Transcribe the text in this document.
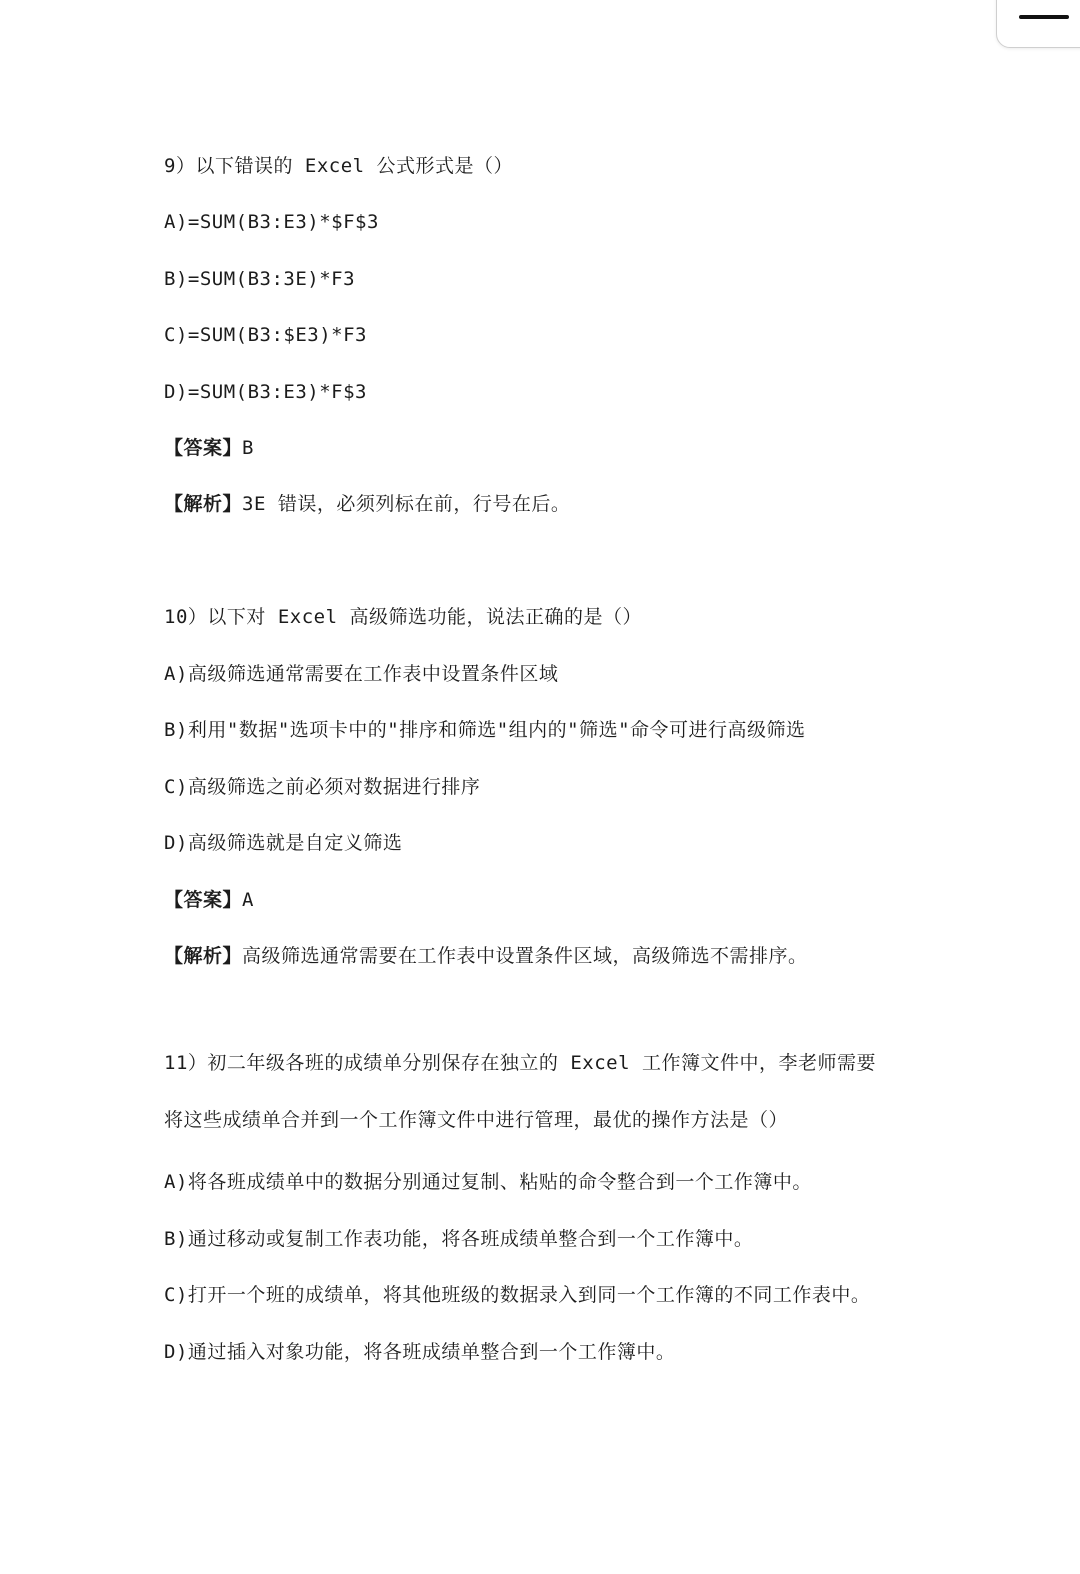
9）以下错误的 Excel 公式形式是（）
A)=SUM(B3:E3)*$F$3
B)=SUM(B3:3E)*F3
C)=SUM(B3:$E3)*F3
D)=SUM(B3:E3)*F$3
【答案】B
【解析】3E 错误，必须列标在前，行号在后。
10）以下对 Excel 高级筛选功能，说法正确的是（）
A)高级筛选通常需要在工作表中设置条件区域
B)利用"数据"选项卡中的"排序和筛选"组内的"筛选"命令可进行高级筛选
C)高级筛选之前必须对数据进行排序
D)高级筛选就是自定义筛选
【答案】A
【解析】高级筛选通常需要在工作表中设置条件区域，高级筛选不需排序。
11）初二年级各班的成绩单分别保存在独立的 Excel 工作簿文件中，李老师需要
将这些成绩单合并到一个工作簿文件中进行管理，最优的操作方法是（）
A)将各班成绩单中的数据分别通过复制、粘贴的命令整合到一个工作簿中。
B)通过移动或复制工作表功能，将各班成绩单整合到一个工作簿中。
C)打开一个班的成绩单，将其他班级的数据录入到同一个工作簿的不同工作表中。
D)通过插入对象功能，将各班成绩单整合到一个工作簿中。
